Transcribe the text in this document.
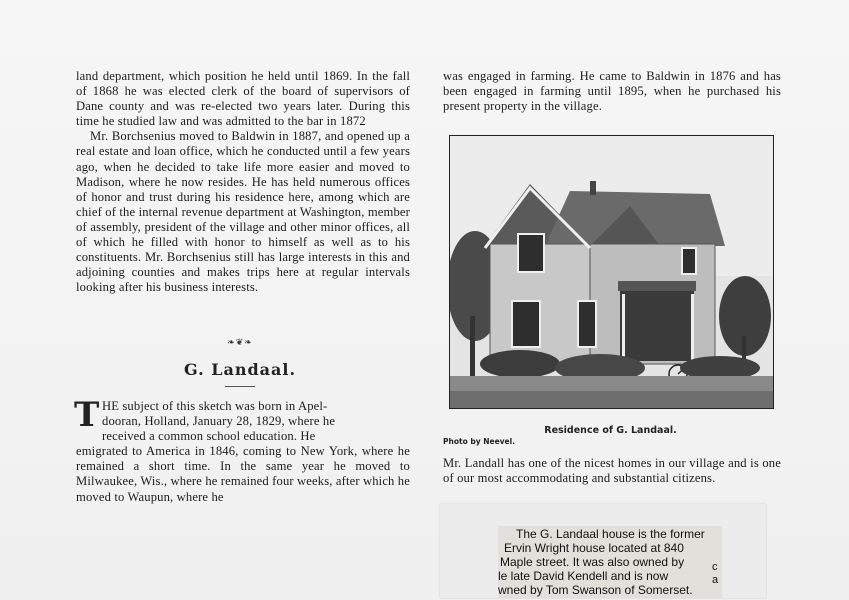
land department, which position he held until 1869. In the fall of 1868 he was elected clerk of the board of supervisors of Dane county and was re-elected two years later. During this time he studied law and was admitted to the bar in 1872

Mr. Borchsenius moved to Baldwin in 1887, and opened up a real estate and loan office, which he conducted until a few years ago, when he decided to take life more easier and moved to Madison, where he now resides. He has held numerous offices of honor and trust during his residence here, among which are chief of the internal revenue department at Washington, member of assembly, president of the village and other minor offices, all of which he filled with honor to himself as well as to his constituents. Mr. Borchsenius still has large interests in this and adjoining counties and makes trips here at regular intervals looking after his business interests.

❧❦❧
G. Landaal.
T HE subject of this sketch was born in Apel-

dooran, Holland, January 28, 1829, where he

received a common school education. He

emigrated to America in 1846, coming to New York, where he remained a short time. In the same year he moved to Milwaukee, Wis., where he remained four weeks, after which he moved to Waupun, where he

was engaged in farming. He came to Baldwin in 1876 and has been engaged in farming until 1895, when he purchased his present property in the village.

Residence of G. Landaal.
Photo by Neevel.

Mr. Landall has one of the nicest homes in our village and is one of our most accommodating and substantial citizens.

The G. Landaal house is the former
Ervin Wright house located at 840
Maple street. It was also owned by
le late David Kendell and is now
wned by Tom Swanson of Somerset.
c
a
